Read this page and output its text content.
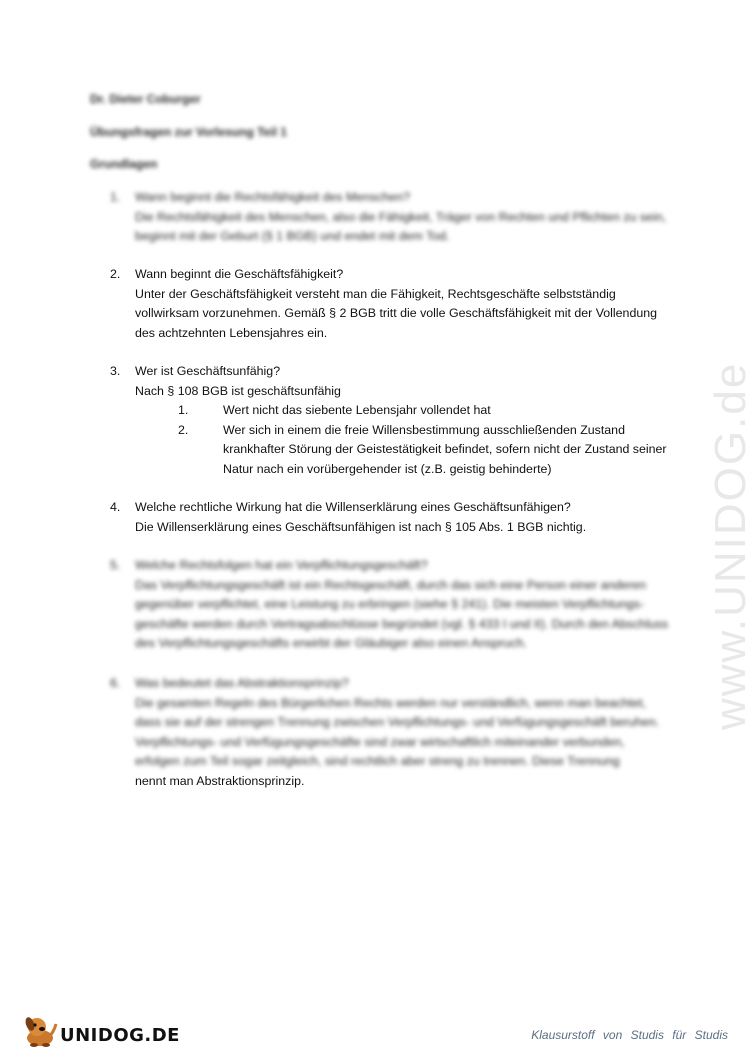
www.UNIDOG.de
Dr. Dieter Coburger
Übungsfragen zur Vorlesung Teil 1
Grundlagen
1. Wann beginnt die Rechtsfähigkeit des Menschen?
Die Rechtsfähigkeit des Menschen, also die Fähigkeit, Träger von Rechten und Pflichten zu sein, beginnt mit der Geburt (§ 1 BGB) und endet mit dem Tod.
2. Wann beginnt die Geschäftsfähigkeit?
Unter der Geschäftsfähigkeit versteht man die Fähigkeit, Rechtsgeschäfte selbstständig vollwirksam vorzunehmen. Gemäß § 2 BGB tritt die volle Geschäftsfähigkeit mit der Vollendung des achtzehnten Lebensjahres ein.
3. Wer ist Geschäftsunfähig?
Nach § 108 BGB ist geschäftsunfähig
1.	Wert nicht das siebente Lebensjahr vollendet hat
2.	Wer sich in einem die freie Willensbestimmung ausschließenden Zustand krankhafter Störung der Geistestätigkeit befindet, sofern nicht der Zustand seiner Natur nach ein vorübergehender ist (z.B. geistig behinderte)
4. Welche rechtliche Wirkung hat die Willenserklärung eines Geschäftsunfähigen?
Die Willenserklärung eines Geschäftsunfähigen ist nach § 105 Abs. 1 BGB nichtig.
5. Welche Rechtsfolgen hat ein Verpflichtungsgeschäft?
Das Verpflichtungsgeschäft ist ein Rechtsgeschäft, durch das sich eine Person einer anderen gegenüber verpflichtet, eine Leistung zu erbringen (siehe § 241). Die meisten Verpflichtungs-geschäfte werden durch Vertragsabschlüsse begründet (vgl. § 433 I und II). Durch den Abschluss des Verpflichtungsgeschäfts erwirbt der Gläubiger also einen Anspruch.
6. Was bedeutet das Abstraktionsprinzip?
Die gesamten Regeln des Bürgerlichen Rechts werden nur verständlich, wenn man beachtet, dass sie auf der strengen Trennung zwischen Verpflichtungs- und Verfügungsgeschäft beruhen.
Verpflichtungs- und Verfügungsgeschäfte sind zwar wirtschaftlich miteinander verbunden, erfolgen zum Teil sogar zeitgleich, sind rechtlich aber streng zu trennen. Diese Trennung
nennt man Abstraktionsprinzip.
UNIDOG.DE	Klausurstoff von Studis für Studis
